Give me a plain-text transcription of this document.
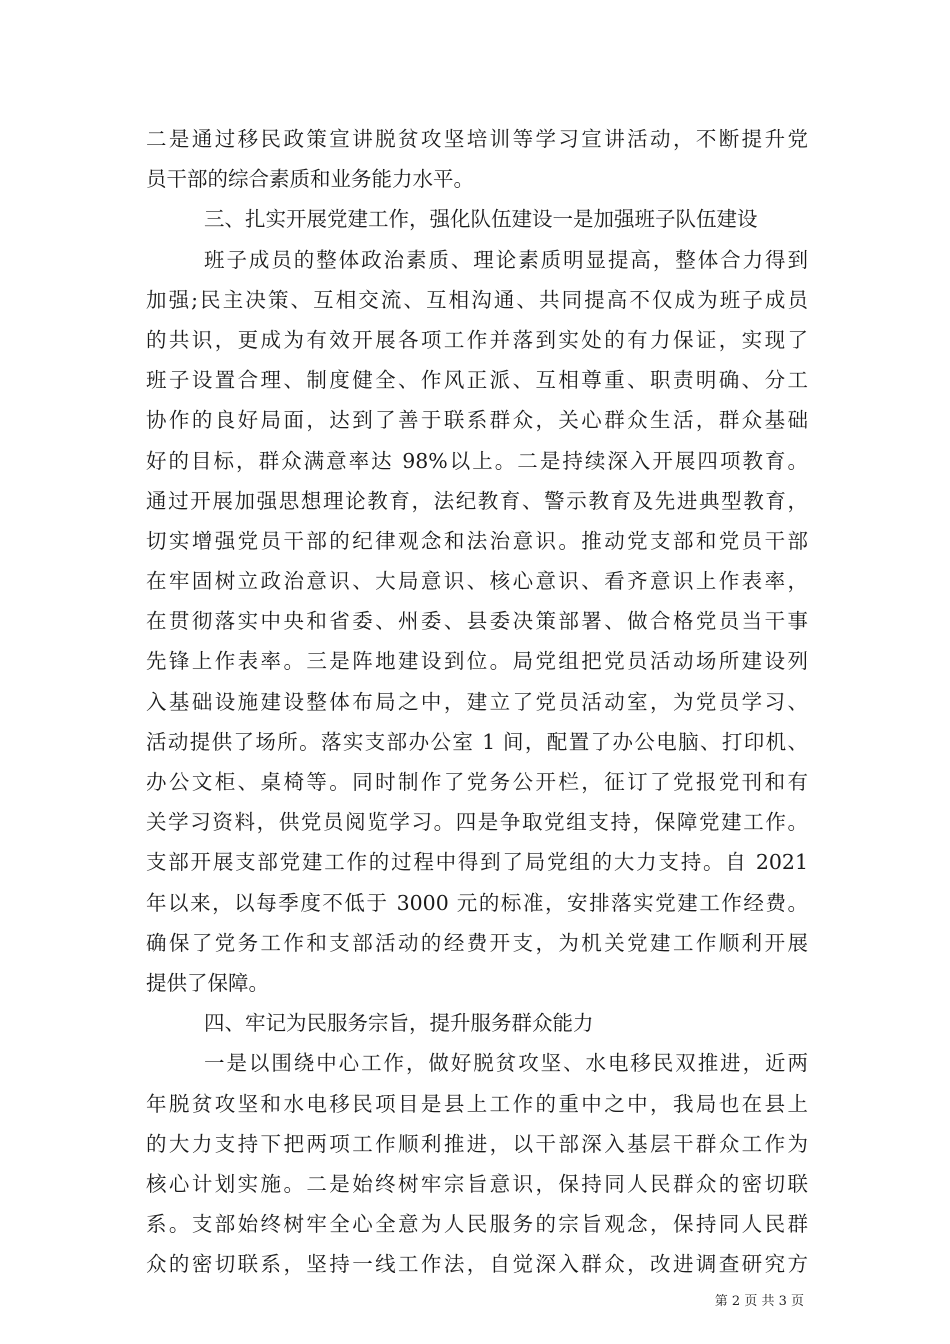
二是通过移民政策宣讲脱贫攻坚培训等学习宣讲活动，不断提升党
员干部的综合素质和业务能力水平。
三、扎实开展党建工作，强化队伍建设一是加强班子队伍建设
班子成员的整体政治素质、理论素质明显提高，整体合力得到
加强;民主决策、互相交流、互相沟通、共同提高不仅成为班子成员
的共识，更成为有效开展各项工作并落到实处的有力保证，实现了
班子设置合理、制度健全、作风正派、互相尊重、职责明确、分工
协作的良好局面，达到了善于联系群众，关心群众生活，群众基础
好的目标，群众满意率达 98%以上。二是持续深入开展四项教育。
通过开展加强思想理论教育，法纪教育、警示教育及先进典型教育，
切实增强党员干部的纪律观念和法治意识。推动党支部和党员干部
在牢固树立政治意识、大局意识、核心意识、看齐意识上作表率，
在贯彻落实中央和省委、州委、县委决策部署、做合格党员当干事
先锋上作表率。三是阵地建设到位。局党组把党员活动场所建设列
入基础设施建设整体布局之中，建立了党员活动室，为党员学习、
活动提供了场所。落实支部办公室 1 间，配置了办公电脑、打印机、
办公文柜、桌椅等。同时制作了党务公开栏，征订了党报党刊和有
关学习资料，供党员阅览学习。四是争取党组支持，保障党建工作。
支部开展支部党建工作的过程中得到了局党组的大力支持。自 2021
年以来，以每季度不低于 3000 元的标准，安排落实党建工作经费。
确保了党务工作和支部活动的经费开支，为机关党建工作顺利开展
提供了保障。
四、牢记为民服务宗旨，提升服务群众能力
一是以围绕中心工作，做好脱贫攻坚、水电移民双推进，近两
年脱贫攻坚和水电移民项目是县上工作的重中之中，我局也在县上
的大力支持下把两项工作顺利推进，以干部深入基层干群众工作为
核心计划实施。二是始终树牢宗旨意识，保持同人民群众的密切联
系。支部始终树牢全心全意为人民服务的宗旨观念，保持同人民群
众的密切联系，坚持一线工作法，自觉深入群众，改进调查研究方
第 2 页 共 3 页
